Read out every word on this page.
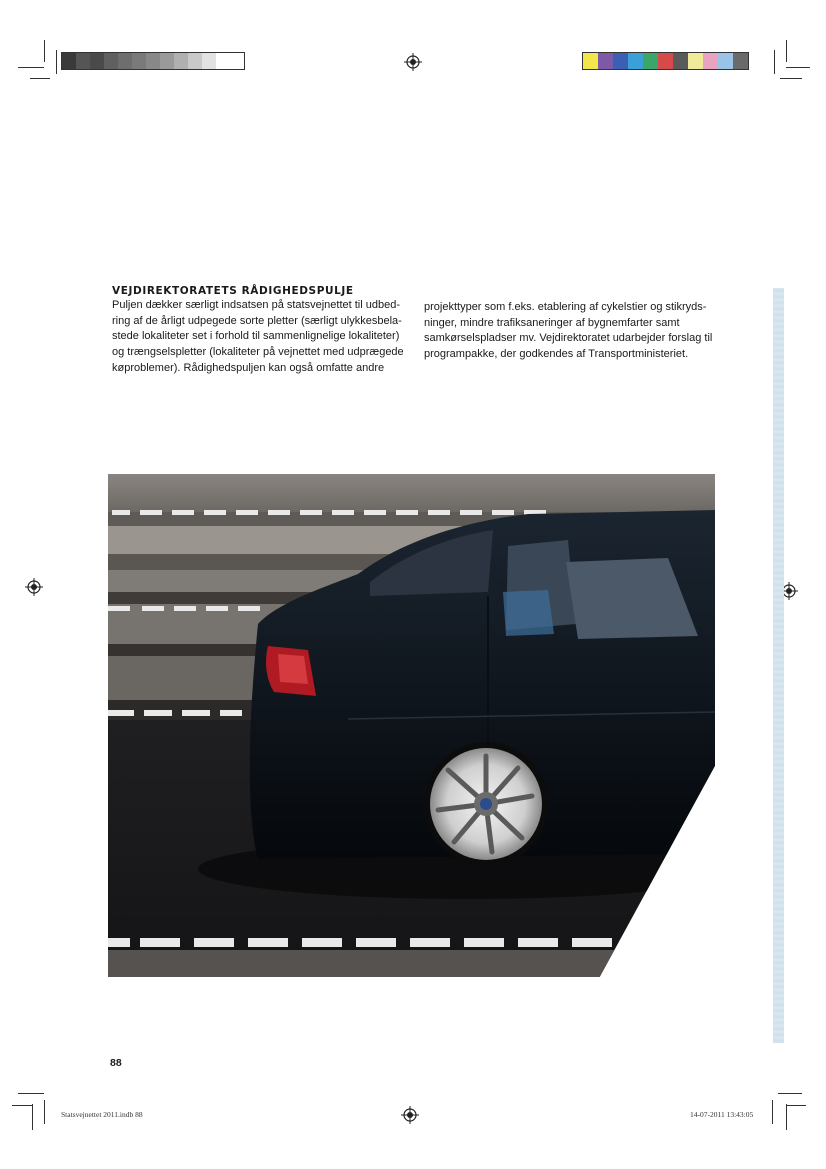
VEJDIREKTORATETS RÅDIGHEDSPULJE

Puljen dækker særligt indsatsen på statsvejnettet til udbed-
ring af de årligt udpegede sorte pletter (særligt ulykkesbela-
stede lokaliteter set i forhold til sammenlignelige lokaliteter)
og trængselspletter (lokaliteter på vejnettet med udprægede
køproblemer). Rådighedspuljen kan også omfatte andre

projekttyper som f.eks. etablering af cykelstier og stikryds-
ninger, mindre trafiksaneringer af bygnemfarter samt
samkørselspladser mv. Vejdirektoratet udarbejder forslag til
programpakke, der godkendes af Transportministeriet.

88

Statsvejnettet 2011.indb 88	14-07-2011 13:43:05
